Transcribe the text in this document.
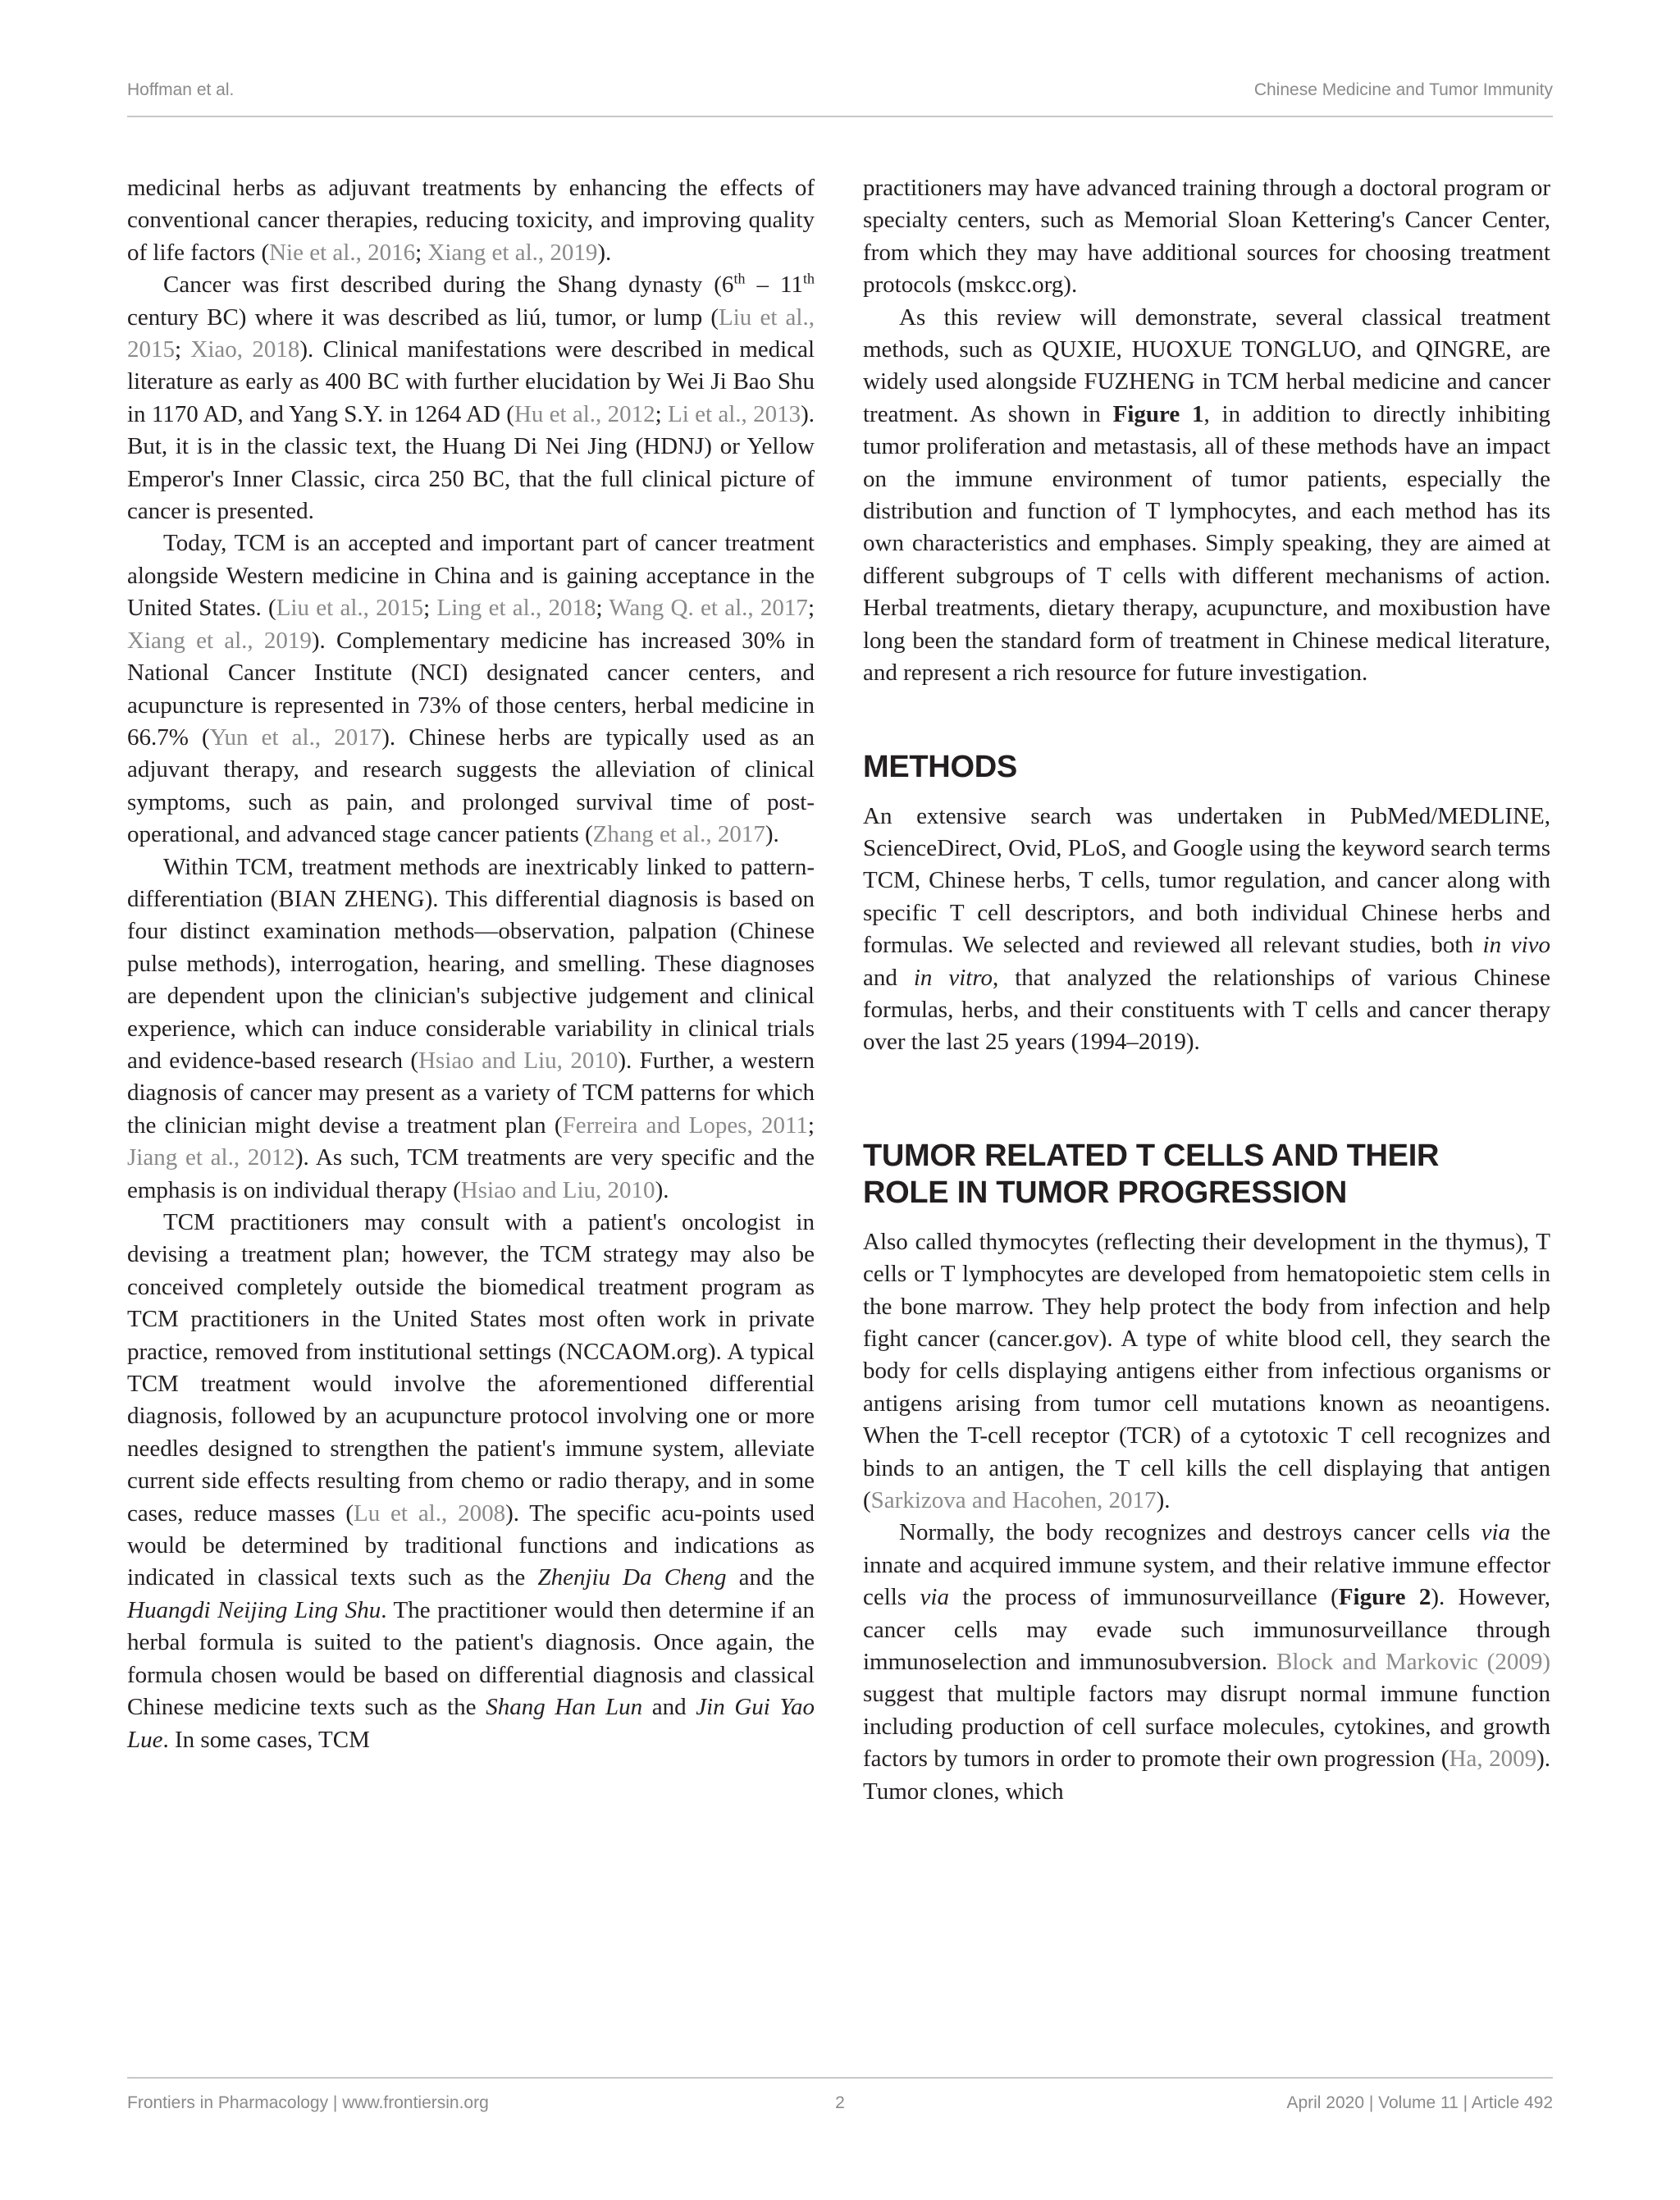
Hoffman et al.	Chinese Medicine and Tumor Immunity

medicinal herbs as adjuvant treatments by enhancing the effects of conventional cancer therapies, reducing toxicity, and improving quality of life factors (Nie et al., 2016; Xiang et al., 2019).

Cancer was first described during the Shang dynasty (6th – 11th century BC) where it was described as liú, tumor, or lump (Liu et al., 2015; Xiao, 2018). Clinical manifestations were described in medical literature as early as 400 BC with further elucidation by Wei Ji Bao Shu in 1170 AD, and Yang S.Y. in 1264 AD (Hu et al., 2012; Li et al., 2013). But, it is in the classic text, the Huang Di Nei Jing (HDNJ) or Yellow Emperor's Inner Classic, circa 250 BC, that the full clinical picture of cancer is presented.

Today, TCM is an accepted and important part of cancer treatment alongside Western medicine in China and is gaining acceptance in the United States. (Liu et al., 2015; Ling et al., 2018; Wang Q. et al., 2017; Xiang et al., 2019). Complementary medicine has increased 30% in National Cancer Institute (NCI) designated cancer centers, and acupuncture is represented in 73% of those centers, herbal medicine in 66.7% (Yun et al., 2017). Chinese herbs are typically used as an adjuvant therapy, and research suggests the alleviation of clinical symptoms, such as pain, and prolonged survival time of post-operational, and advanced stage cancer patients (Zhang et al., 2017).

Within TCM, treatment methods are inextricably linked to pattern-differentiation (BIAN ZHENG). This differential diagnosis is based on four distinct examination methods—observation, palpation (Chinese pulse methods), interrogation, hearing, and smelling. These diagnoses are dependent upon the clinician's subjective judgement and clinical experience, which can induce considerable variability in clinical trials and evidence-based research (Hsiao and Liu, 2010). Further, a western diagnosis of cancer may present as a variety of TCM patterns for which the clinician might devise a treatment plan (Ferreira and Lopes, 2011; Jiang et al., 2012). As such, TCM treatments are very specific and the emphasis is on individual therapy (Hsiao and Liu, 2010).

TCM practitioners may consult with a patient's oncologist in devising a treatment plan; however, the TCM strategy may also be conceived completely outside the biomedical treatment program as TCM practitioners in the United States most often work in private practice, removed from institutional settings (NCCAOM.org). A typical TCM treatment would involve the aforementioned differential diagnosis, followed by an acupuncture protocol involving one or more needles designed to strengthen the patient's immune system, alleviate current side effects resulting from chemo or radio therapy, and in some cases, reduce masses (Lu et al., 2008). The specific acu-points used would be determined by traditional functions and indications as indicated in classical texts such as the Zhenjiu Da Cheng and the Huangdi Neijing Ling Shu. The practitioner would then determine if an herbal formula is suited to the patient's diagnosis. Once again, the formula chosen would be based on differential diagnosis and classical Chinese medicine texts such as the Shang Han Lun and Jin Gui Yao Lue. In some cases, TCM

practitioners may have advanced training through a doctoral program or specialty centers, such as Memorial Sloan Kettering's Cancer Center, from which they may have additional sources for choosing treatment protocols (mskcc.org).

As this review will demonstrate, several classical treatment methods, such as QUXIE, HUOXUE TONGLUO, and QINGRE, are widely used alongside FUZHENG in TCM herbal medicine and cancer treatment. As shown in Figure 1, in addition to directly inhibiting tumor proliferation and metastasis, all of these methods have an impact on the immune environment of tumor patients, especially the distribution and function of T lymphocytes, and each method has its own characteristics and emphases. Simply speaking, they are aimed at different subgroups of T cells with different mechanisms of action. Herbal treatments, dietary therapy, acupuncture, and moxibustion have long been the standard form of treatment in Chinese medical literature, and represent a rich resource for future investigation.

METHODS

An extensive search was undertaken in PubMed/MEDLINE, ScienceDirect, Ovid, PLoS, and Google using the keyword search terms TCM, Chinese herbs, T cells, tumor regulation, and cancer along with specific T cell descriptors, and both individual Chinese herbs and formulas. We selected and reviewed all relevant studies, both in vivo and in vitro, that analyzed the relationships of various Chinese formulas, herbs, and their constituents with T cells and cancer therapy over the last 25 years (1994–2019).

TUMOR RELATED T CELLS AND THEIR
ROLE IN TUMOR PROGRESSION

Also called thymocytes (reflecting their development in the thymus), T cells or T lymphocytes are developed from hematopoietic stem cells in the bone marrow. They help protect the body from infection and help fight cancer (cancer.gov). A type of white blood cell, they search the body for cells displaying antigens either from infectious organisms or antigens arising from tumor cell mutations known as neoantigens. When the T-cell receptor (TCR) of a cytotoxic T cell recognizes and binds to an antigen, the T cell kills the cell displaying that antigen (Sarkizova and Hacohen, 2017).

Normally, the body recognizes and destroys cancer cells via the innate and acquired immune system, and their relative immune effector cells via the process of immunosurveillance (Figure 2). However, cancer cells may evade such immunosurveillance through immunoselection and immunosubversion. Block and Markovic (2009) suggest that multiple factors may disrupt normal immune function including production of cell surface molecules, cytokines, and growth factors by tumors in order to promote their own progression (Ha, 2009). Tumor clones, which

Frontiers in Pharmacology | www.frontiersin.org	2	April 2020 | Volume 11 | Article 492
